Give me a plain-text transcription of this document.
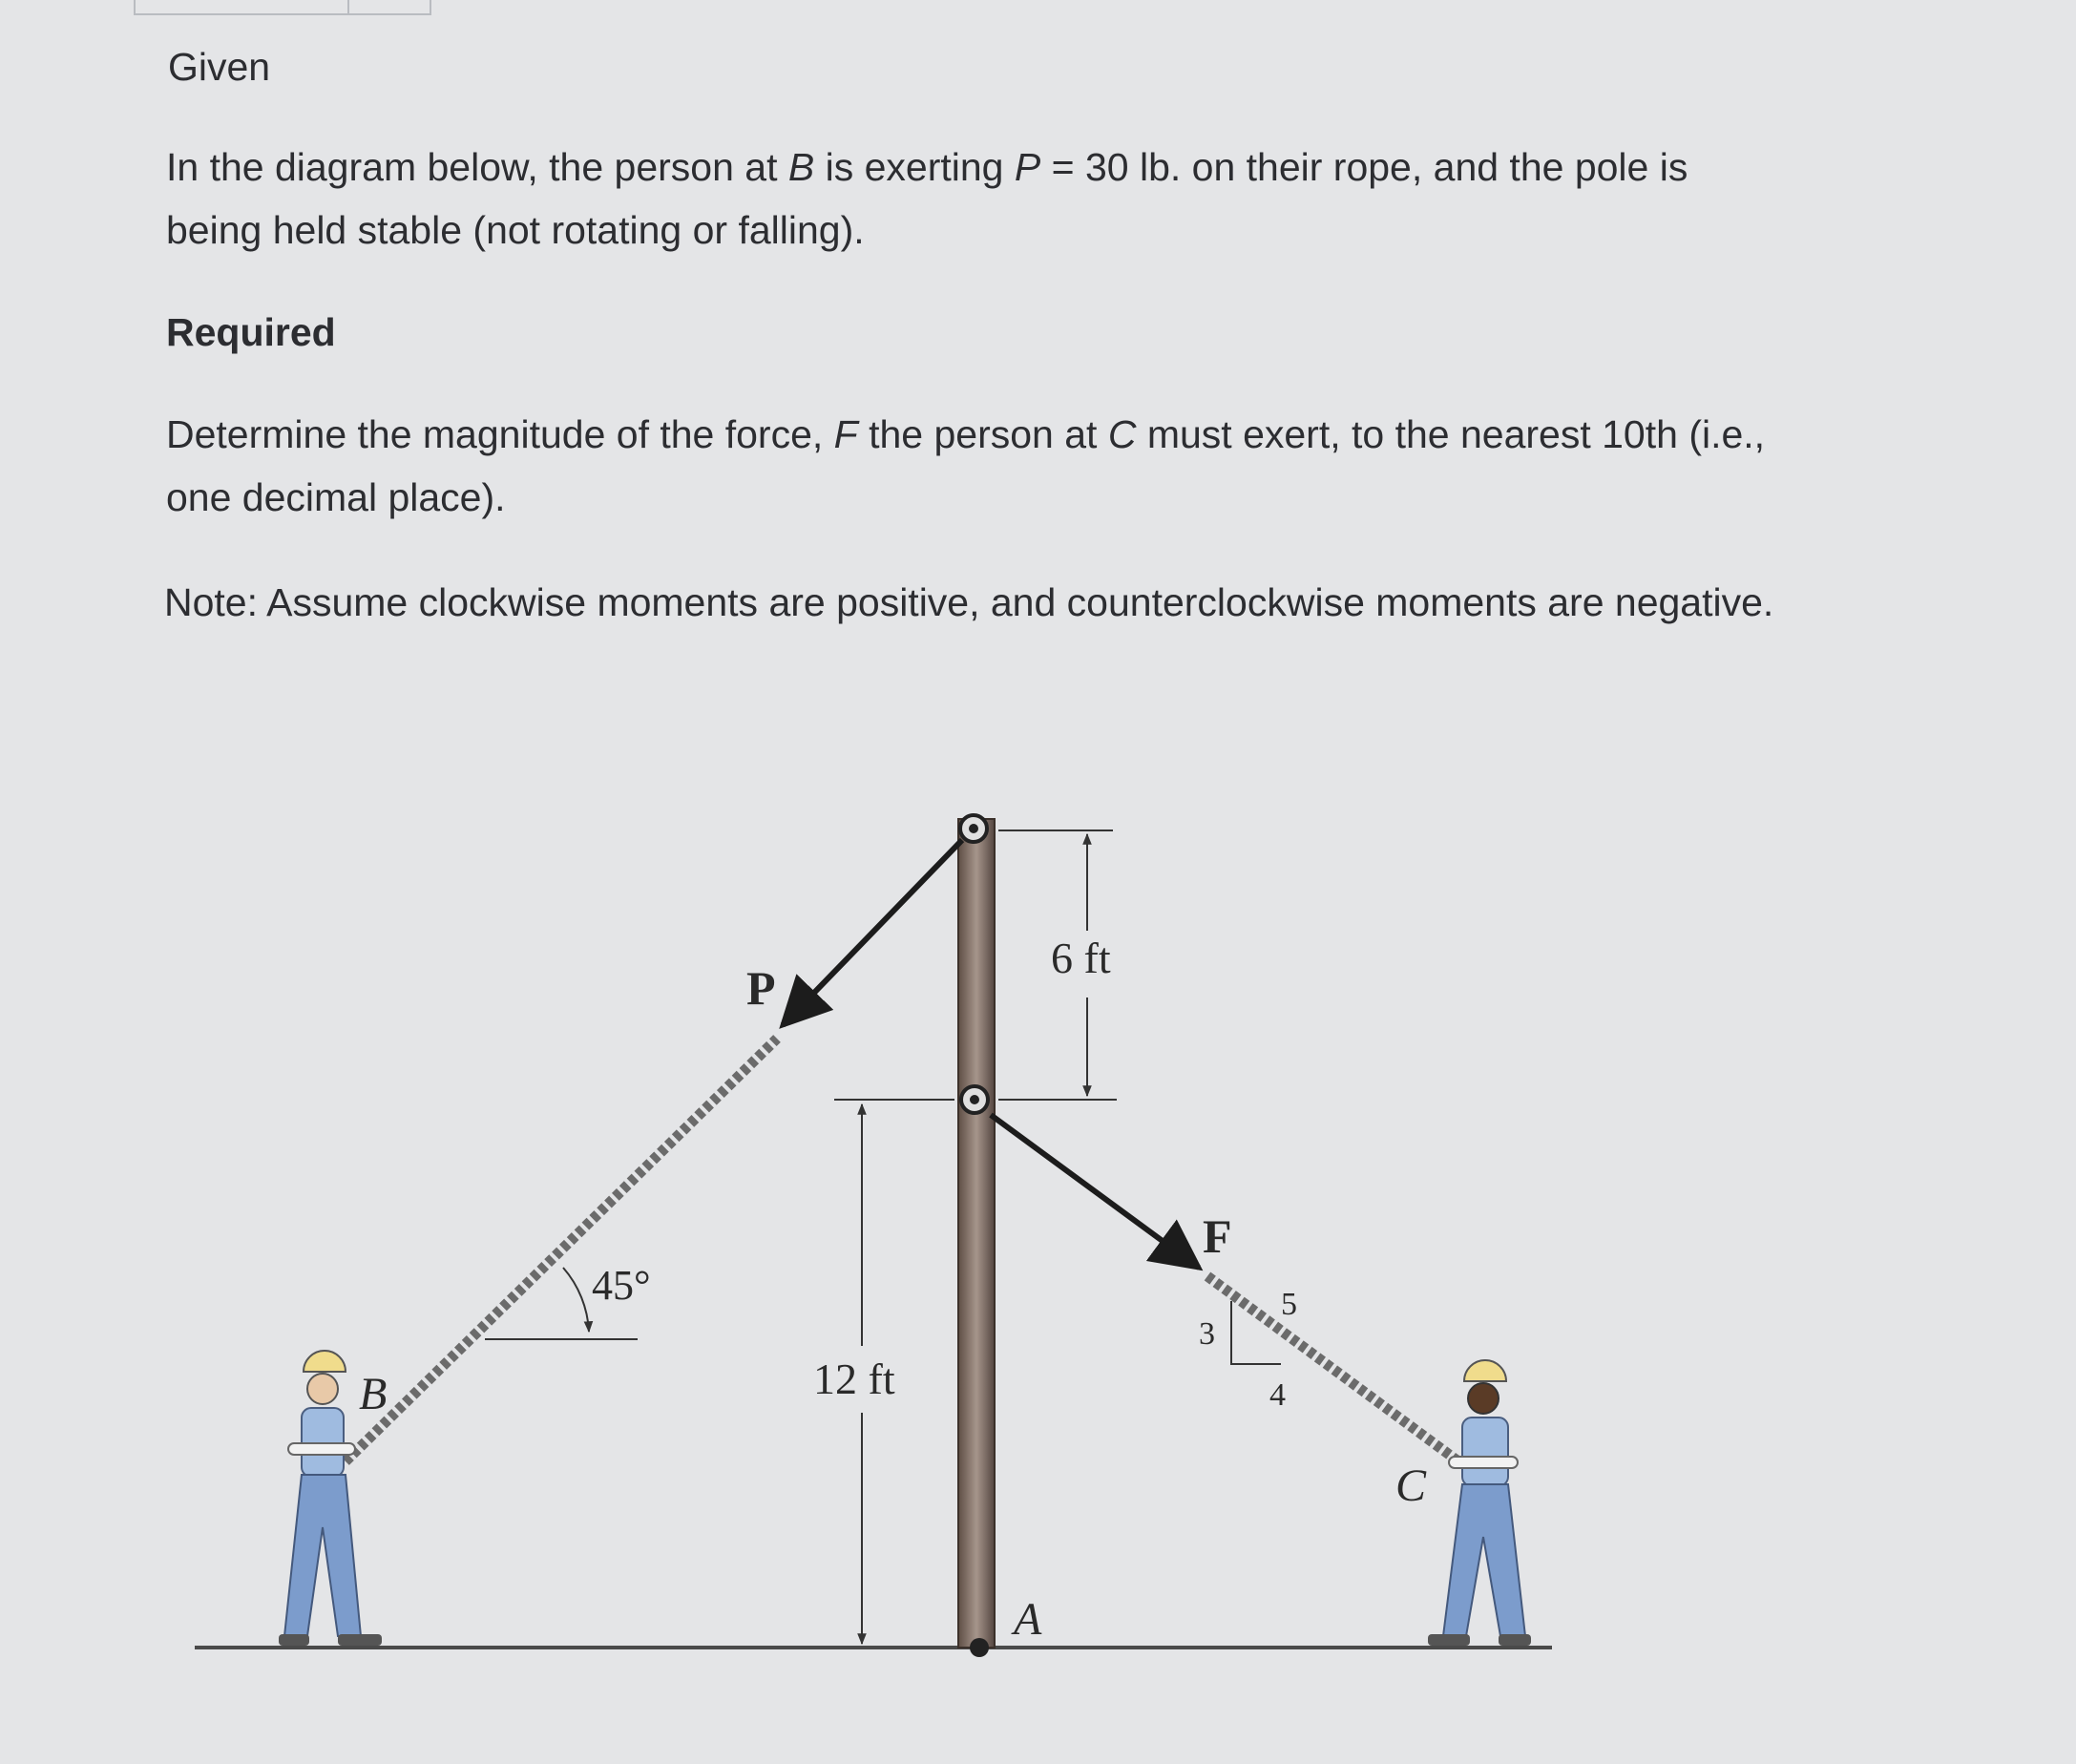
Given

In the diagram below, the person at B is exerting P = 30 lb. on their rope, and the pole is being held stable (not rotating or falling).

Required

Determine the magnitude of the force, F the person at C must exert, to the nearest 10th (i.e., one decimal place).

Note: Assume clockwise moments are positive, and counterclockwise moments are negative.

6 ft
12 ft
45°
3
4
5
P
F
A
B
C
